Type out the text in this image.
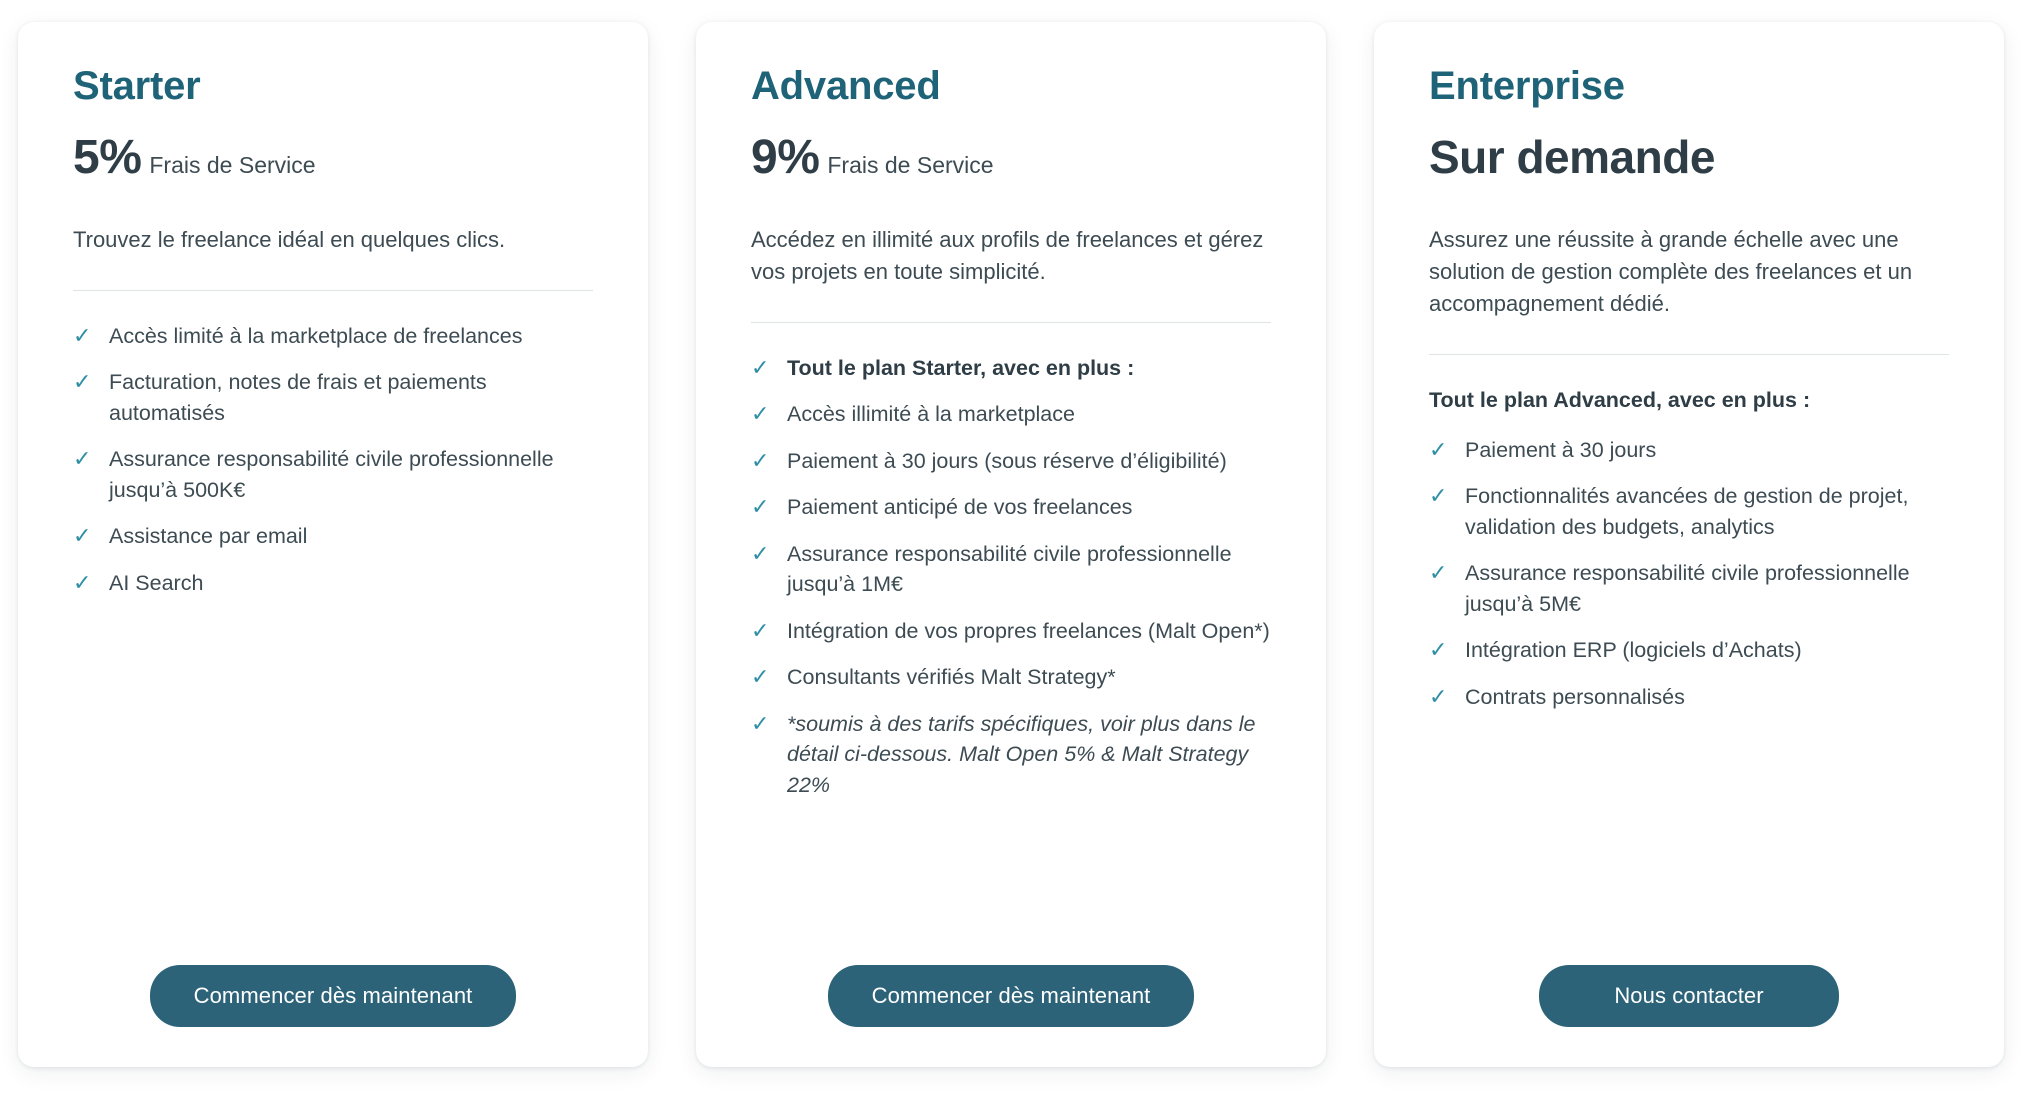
Starter
5% Frais de Service

Trouvez le freelance idéal en quelques clics.

✓ Accès limité à la marketplace de freelances
✓ Facturation, notes de frais et paiements automatisés
✓ Assurance responsabilité civile professionnelle jusqu’à 500K€
✓ Assistance par email
✓ AI Search
Commencer dès maintenant
Advanced
9% Frais de Service

Accédez en illimité aux profils de freelances et gérez vos projets en toute simplicité.

✓ Tout le plan Starter, avec en plus :
✓ Accès illimité à la marketplace
✓ Paiement à 30 jours (sous réserve d’éligibilité)
✓ Paiement anticipé de vos freelances
✓ Assurance responsabilité civile professionnelle jusqu’à 1M€
✓ Intégration de vos propres freelances (Malt Open*)
✓ Consultants vérifiés Malt Strategy*
✓ *soumis à des tarifs spécifiques, voir plus dans le détail ci-dessous. Malt Open 5% & Malt Strategy 22%
Commencer dès maintenant
Enterprise
Sur demande

Assurez une réussite à grande échelle avec une solution de gestion complète des freelances et un accompagnement dédié.

Tout le plan Advanced, avec en plus :

✓ Paiement à 30 jours
✓ Fonctionnalités avancées de gestion de projet, validation des budgets, analytics
✓ Assurance responsabilité civile professionnelle jusqu’à 5M€
✓ Intégration ERP (logiciels d’Achats)
✓ Contrats personnalisés
Nous contacter
